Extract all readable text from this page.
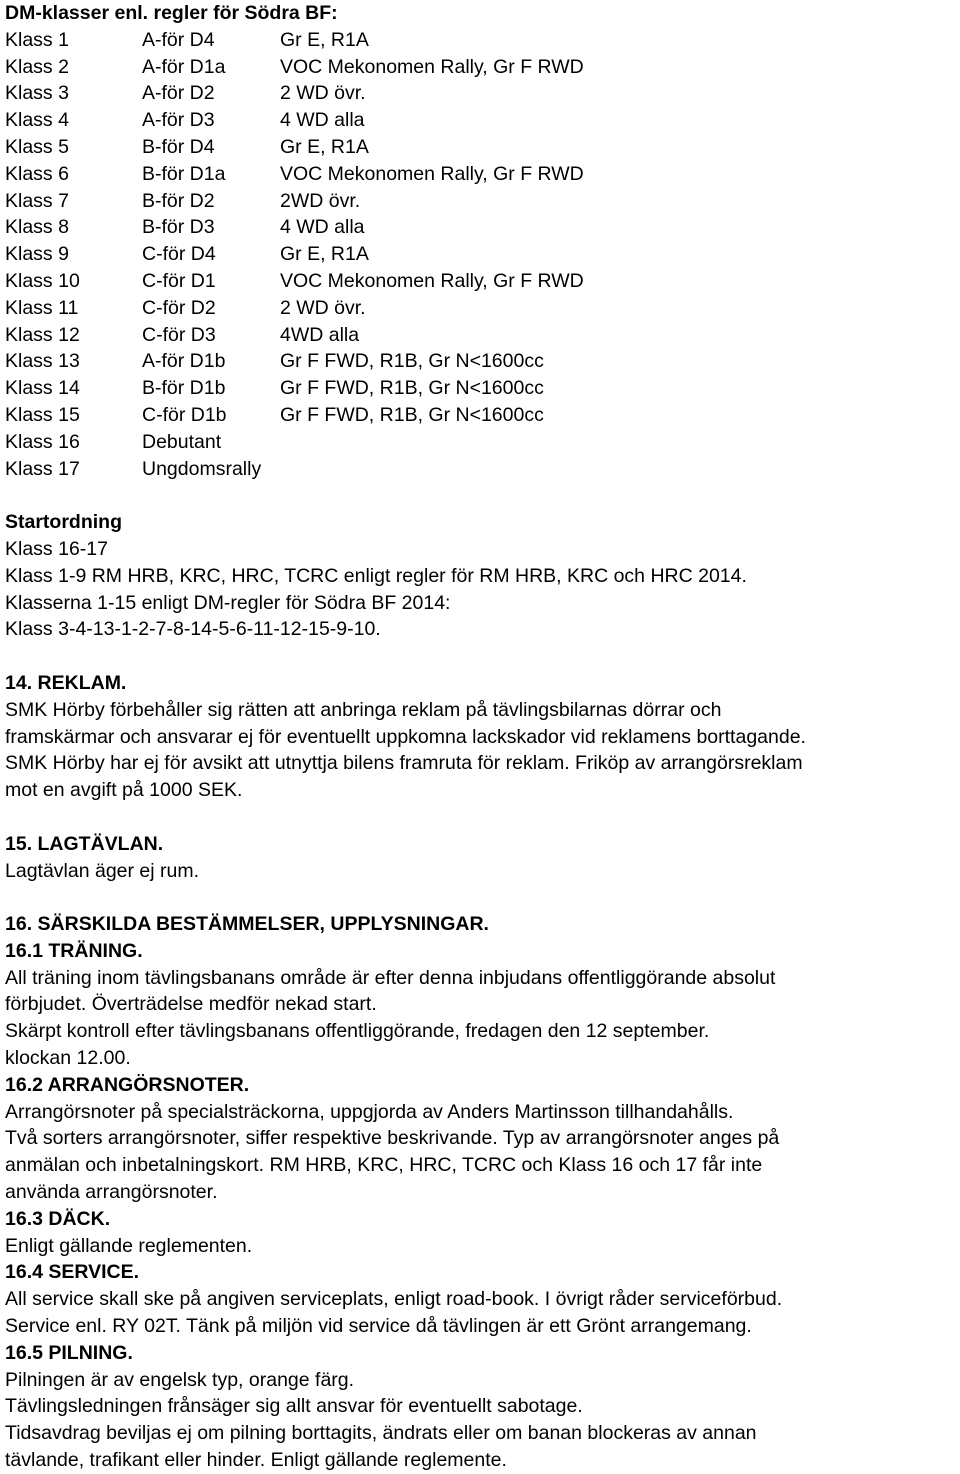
DM-klasser enl. regler för Södra BF:
Klass 1	A-för D4	Gr E, R1A
Klass 2	A-för D1a	VOC Mekonomen Rally, Gr F RWD
Klass 3	A-för D2	2 WD övr.
Klass 4	A-för D3	4 WD alla
Klass 5	B-för D4	Gr E, R1A
Klass 6	B-för D1a	VOC Mekonomen Rally, Gr F RWD
Klass 7	B-för D2	2WD övr.
Klass 8	B-för D3	4 WD alla
Klass 9	C-för D4	Gr E, R1A
Klass 10	C-för D1	VOC Mekonomen Rally, Gr F RWD
Klass 11	C-för D2	2 WD övr.
Klass 12	C-för D3	4WD alla
Klass 13	A-för D1b	Gr F FWD, R1B, Gr N<1600cc
Klass 14	B-för D1b	Gr F FWD, R1B, Gr N<1600cc
Klass 15	C-för D1b	Gr F FWD, R1B, Gr N<1600cc
Klass 16	Debutant
Klass 17	Ungdomsrally
Startordning
Klass 16-17
Klass 1-9 RM HRB, KRC, HRC, TCRC enligt regler för RM HRB, KRC och HRC 2014.
Klasserna 1-15 enligt DM-regler för Södra BF 2014:
Klass 3-4-13-1-2-7-8-14-5-6-11-12-15-9-10.
14. REKLAM.
SMK Hörby förbehåller sig rätten att anbringa reklam på tävlingsbilarnas dörrar och
framskärmar och ansvarar ej för eventuellt uppkomna lackskador vid reklamens borttagande.
SMK Hörby har ej för avsikt att utnyttja bilens framruta för reklam. Friköp av arrangörsreklam
mot en avgift på 1000 SEK.
15. LAGTÄVLAN.
Lagtävlan äger ej rum.
16. SÄRSKILDA BESTÄMMELSER, UPPLYSNINGAR.
16.1 TRÄNING.
All träning inom tävlingsbanans område är efter denna inbjudans offentliggörande absolut
förbjudet. Överträdelse medför nekad start.
Skärpt kontroll efter tävlingsbanans offentliggörande, fredagen den 12 september.
klockan 12.00.
16.2 ARRANGÖRSNOTER.
Arrangörsnoter på specialsträckorna, uppgjorda av Anders Martinsson tillhandahålls.
Två sorters arrangörsnoter, siffer respektive beskrivande. Typ av arrangörsnoter anges på
anmälan och inbetalningskort. RM HRB, KRC, HRC, TCRC och Klass 16 och 17 får inte
använda arrangörsnoter.
16.3 DÄCK.
Enligt gällande reglementen.
16.4 SERVICE.
All service skall ske på angiven serviceplats, enligt road-book. I övrigt råder serviceförbud.
Service enl. RY 02T. Tänk på miljön vid service då tävlingen är ett Grönt arrangemang.
16.5 PILNING.
Pilningen är av engelsk typ, orange färg.
Tävlingsledningen frånsäger sig allt ansvar för eventuellt sabotage.
Tidsavdrag beviljas ej om pilning borttagits, ändrats eller om banan blockeras av annan
tävlande, trafikant eller hinder. Enligt gällande reglemente.
